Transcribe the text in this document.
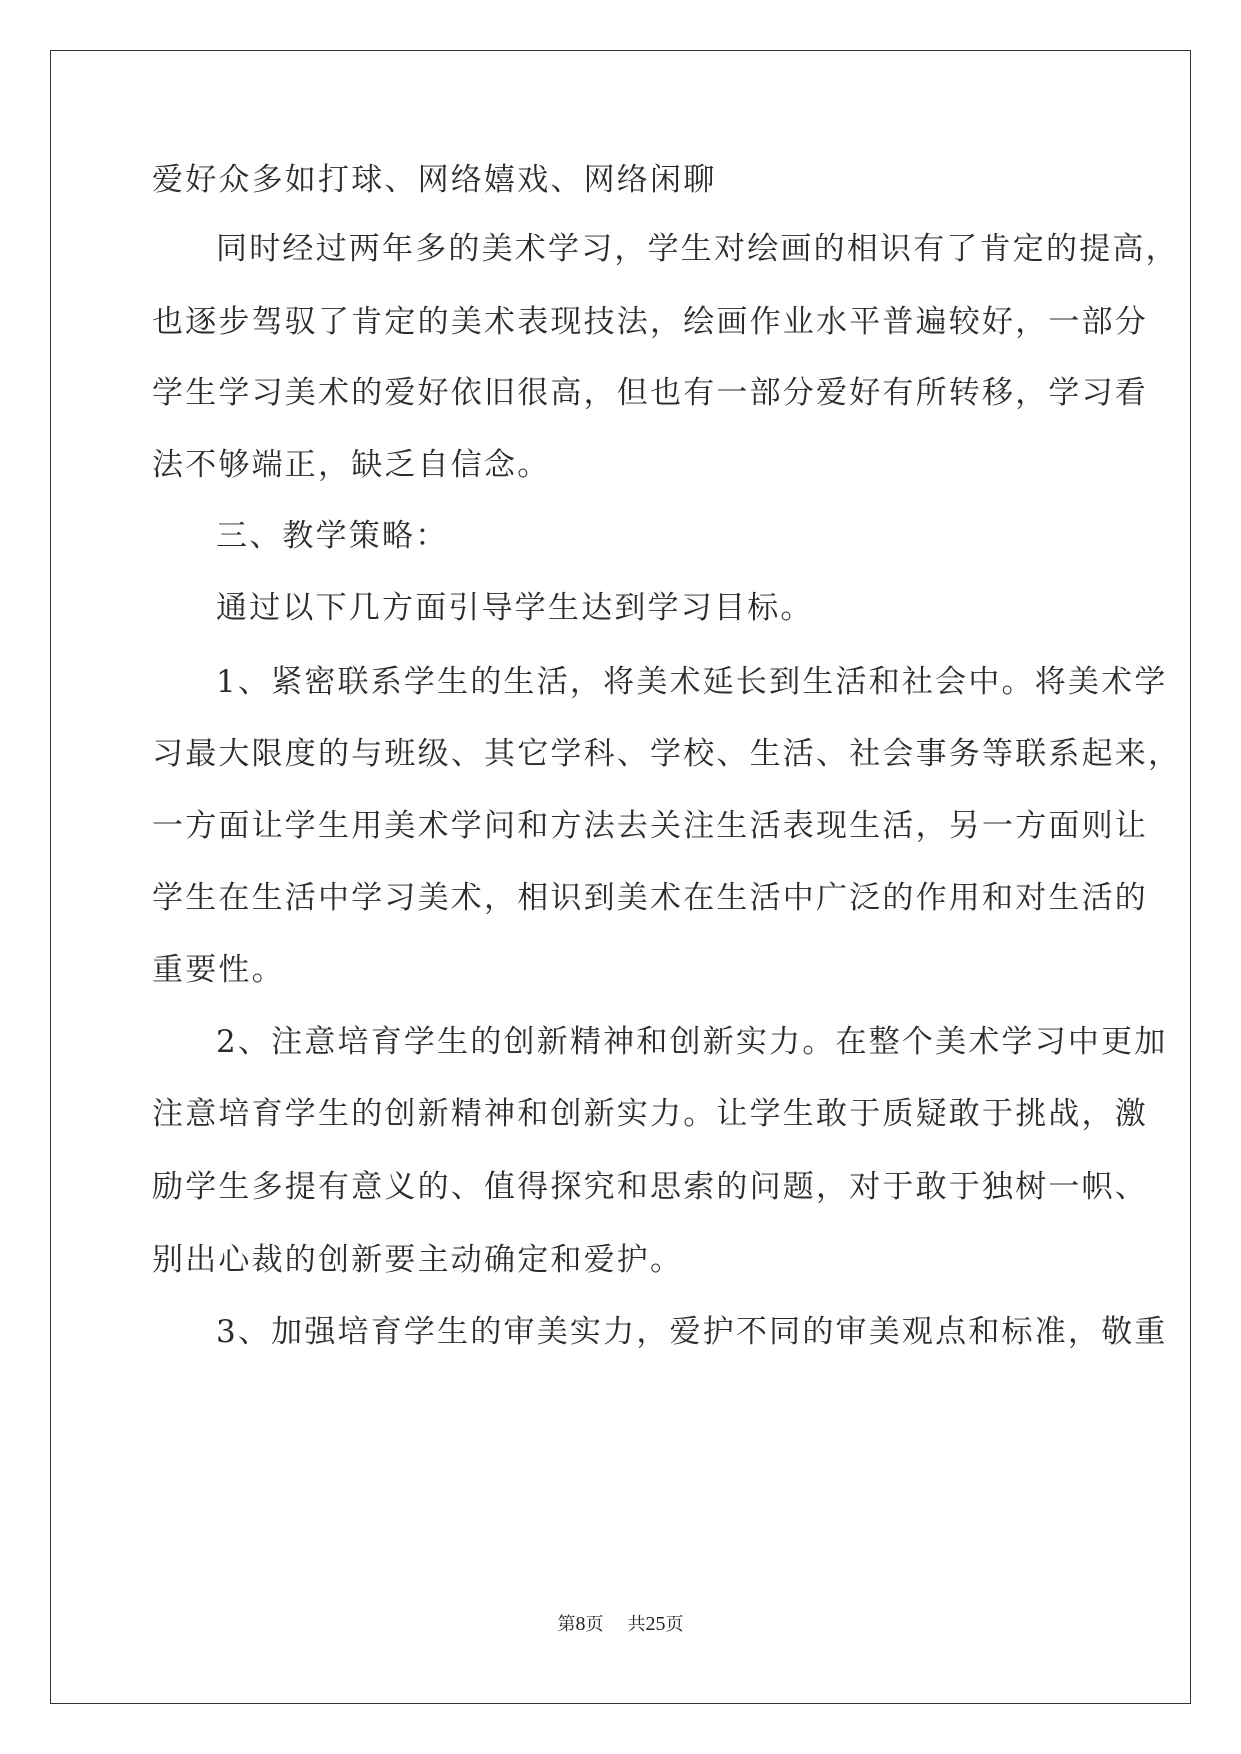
爱好众多如打球、网络嬉戏、网络闲聊
同时经过两年多的美术学习，学生对绘画的相识有了肯定的提高，
也逐步驾驭了肯定的美术表现技法，绘画作业水平普遍较好，一部分
学生学习美术的爱好依旧很高，但也有一部分爱好有所转移，学习看
法不够端正，缺乏自信念。
三、教学策略：
通过以下几方面引导学生达到学习目标。
1、紧密联系学生的生活，将美术延长到生活和社会中。将美术学
习最大限度的与班级、其它学科、学校、生活、社会事务等联系起来，
一方面让学生用美术学问和方法去关注生活表现生活，另一方面则让
学生在生活中学习美术，相识到美术在生活中广泛的作用和对生活的
重要性。
2、注意培育学生的创新精神和创新实力。在整个美术学习中更加
注意培育学生的创新精神和创新实力。让学生敢于质疑敢于挑战，激
励学生多提有意义的、值得探究和思索的问题，对于敢于独树一帜、
别出心裁的创新要主动确定和爱护。
3、加强培育学生的审美实力，爱护不同的审美观点和标准，敬重
第8页 共25页
